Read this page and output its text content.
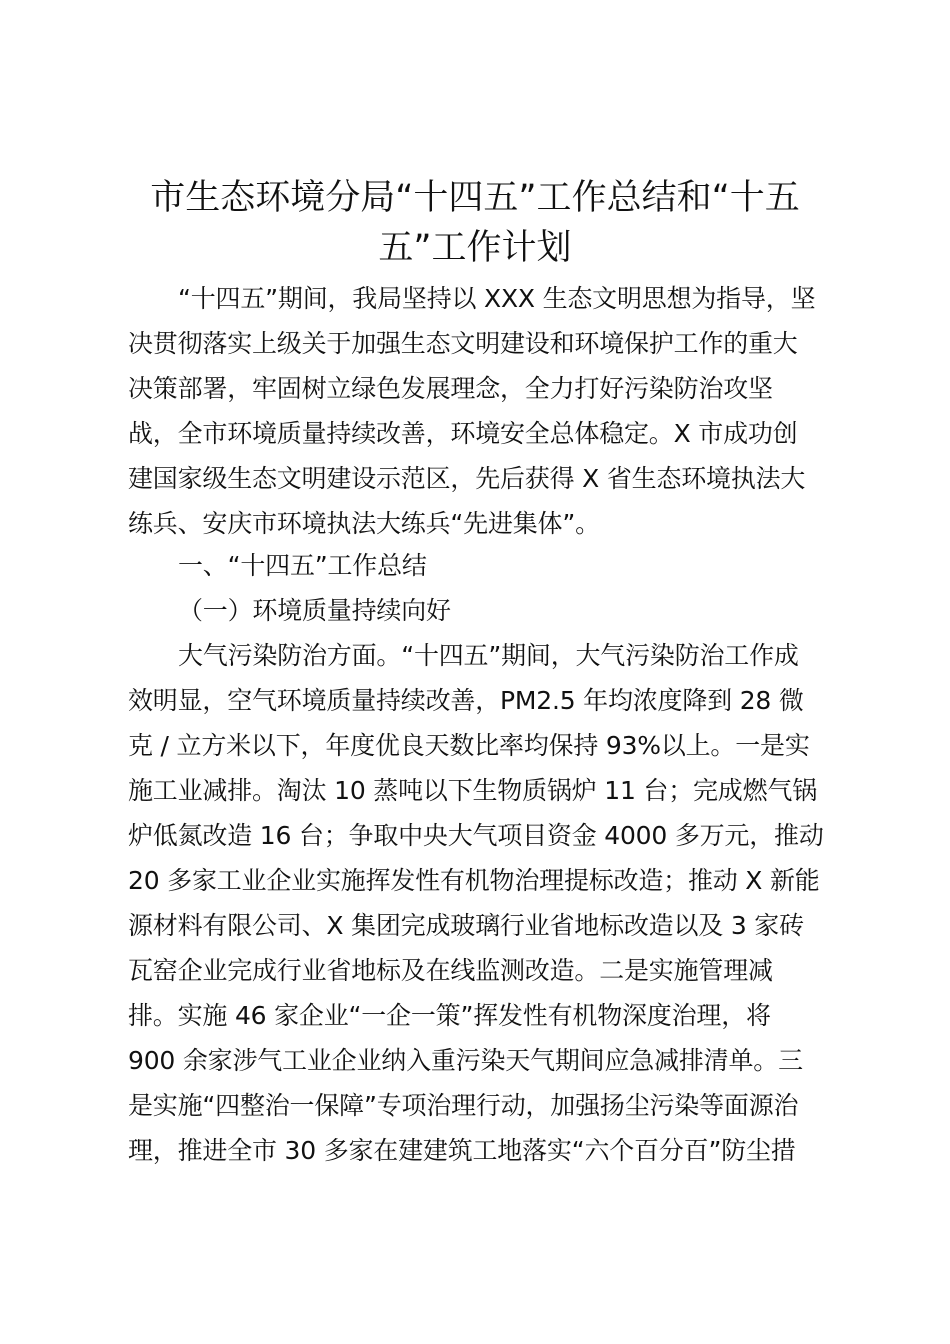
市生态环境分局“十四五”工作总结和“十五
五”工作计划
“十四五”期间，我局坚持以 XXX 生态文明思想为指导，坚
决贯彻落实上级关于加强生态文明建设和环境保护工作的重大
决策部署，牢固树立绿色发展理念，全力打好污染防治攻坚
战，全市环境质量持续改善，环境安全总体稳定。X 市成功创
建国家级生态文明建设示范区，先后获得 X 省生态环境执法大
练兵、安庆市环境执法大练兵“先进集体”。
一、“十四五”工作总结
（一）环境质量持续向好
大气污染防治方面。“十四五”期间，大气污染防治工作成
效明显，空气环境质量持续改善，PM2.5 年均浓度降到 28 微
克 / 立方米以下，年度优良天数比率均保持 93%以上。一是实
施工业减排。淘汰 10 蒸吨以下生物质锅炉 11 台；完成燃气锅
炉低氮改造 16 台；争取中央大气项目资金 4000 多万元，推动
20 多家工业企业实施挥发性有机物治理提标改造；推动 X 新能
源材料有限公司、X 集团完成玻璃行业省地标改造以及 3 家砖
瓦窑企业完成行业省地标及在线监测改造。二是实施管理减
排。实施 46 家企业“一企一策”挥发性有机物深度治理，将
900 余家涉气工业企业纳入重污染天气期间应急减排清单。三
是实施“四整治一保障”专项治理行动，加强扬尘污染等面源治
理，推进全市 30 多家在建建筑工地落实“六个百分百”防尘措
